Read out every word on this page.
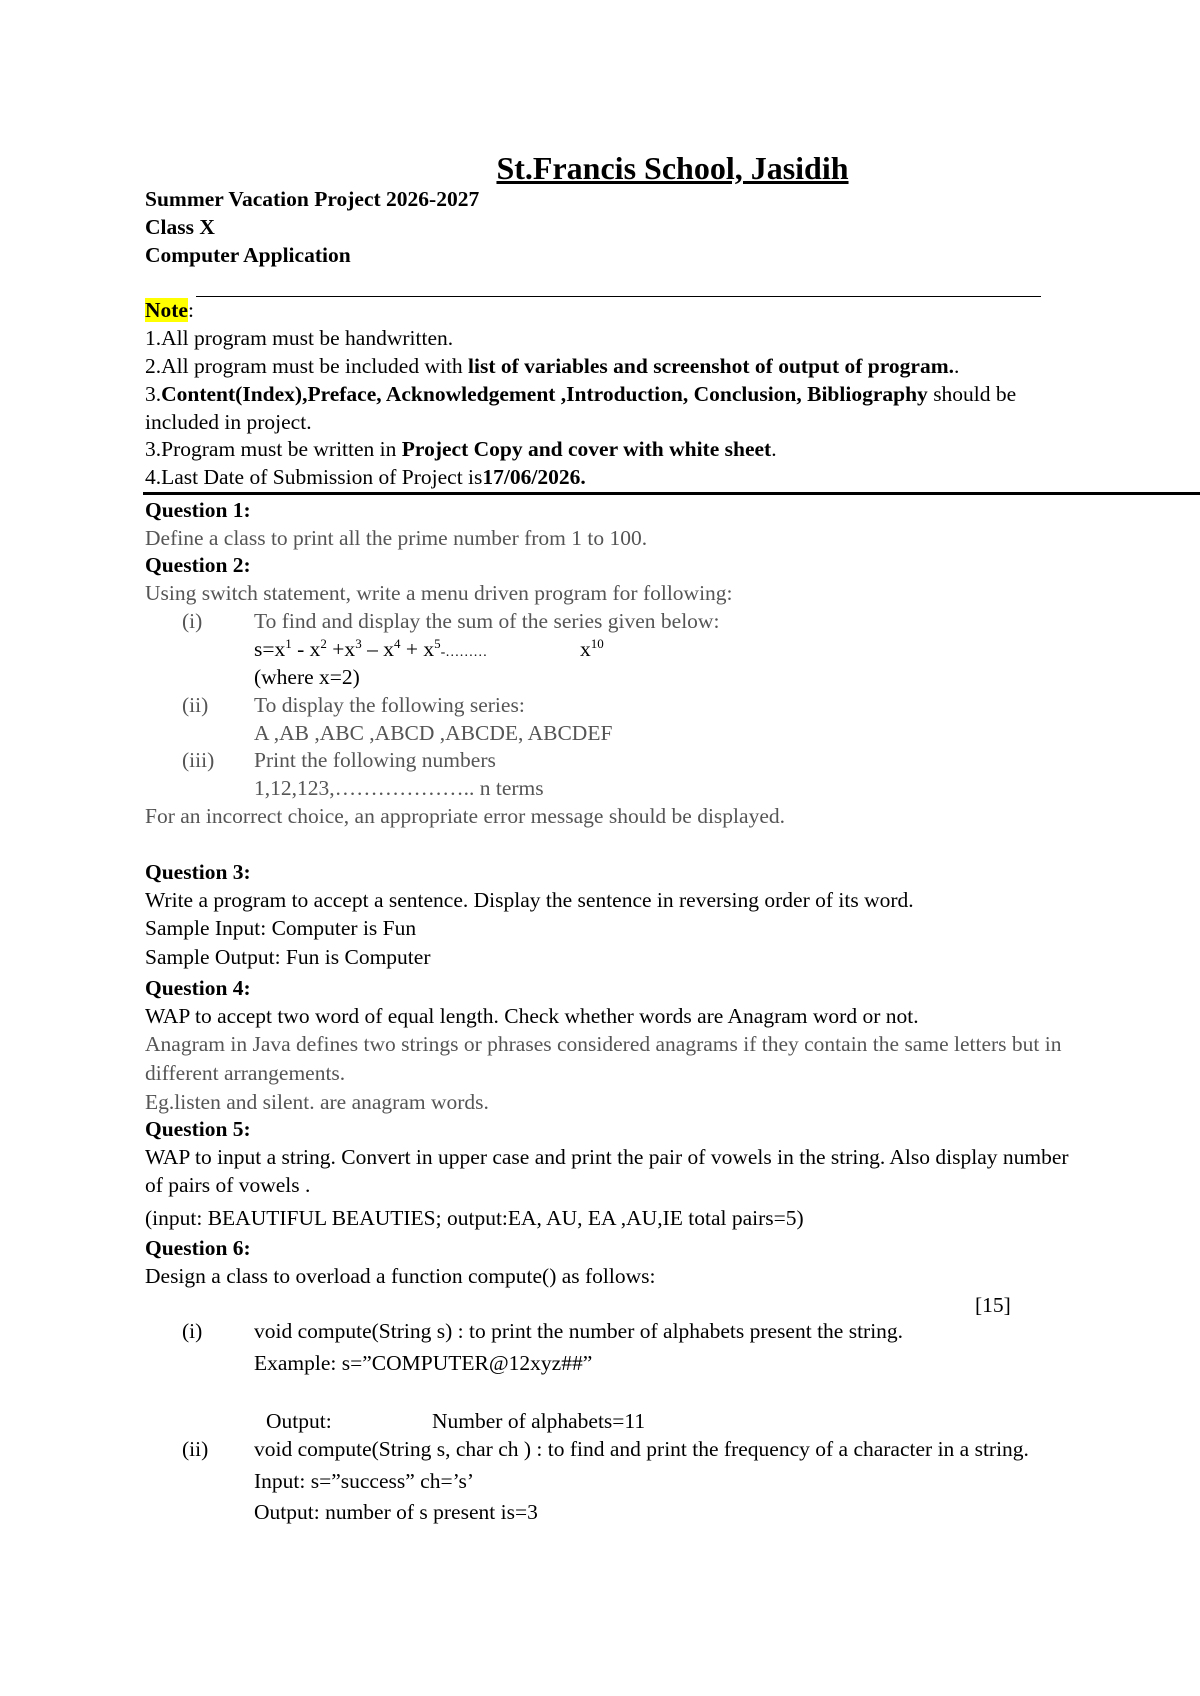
St.Francis School, Jasidih
Summer Vacation Project 2026-2027
Class X
Computer Application
Note:
1.All program must be handwritten.
2.All program must be included with list of variables and screenshot of output of program..
3.Content(Index),Preface, Acknowledgement ,Introduction, Conclusion, Bibliography should be
included in project.
3.Program must be written in Project Copy and cover with white sheet.
4.Last Date of Submission of Project is17/06/2026.
Question 1:
Define a class to print all the prime number from 1 to 100.
Question 2:
Using switch statement, write a menu driven program for following:
(i) To find and display the sum of the series given below:
$s=x^1 - x^2 +x^3 - x^4$ + $x^5-\dots\dots\dots$	$x^{10}$
(where x=2)
(ii) To display the following series:
A ,AB ,ABC ,ABCD ,ABCDE, ABCDEF
(iii) Print the following numbers
1,12,123,……………….. n terms
For an incorrect choice, an appropriate error message should be displayed.
Question 3:
Write a program to accept a sentence. Display the sentence in reversing order of its word.
Sample Input: Computer is Fun
Sample Output: Fun is Computer
Question 4:
WAP to accept two word of equal length. Check whether words are Anagram word or not.
Anagram in Java defines two strings or phrases considered anagrams if they contain the same letters but in
different arrangements.
Eg.listen and silent. are anagram words.
Question 5:
WAP to input a string. Convert in upper case and print the pair of vowels in the string. Also display number
of pairs of vowels .
(input: BEAUTIFUL BEAUTIES; output:EA, AU, EA ,AU,IE total pairs=5)
Question 6:
Design a class to overload a function compute() as follows:
[15]
(i) void compute(String s) : to print the number of alphabets present the string.
Example: s=”COMPUTER@12xyz##”
Output:	Number of alphabets=11
(ii) void compute(String s, char ch ) : to find and print the frequency of a character in a string.
Input: s=”success” ch=’s’
Output: number of s present is=3
